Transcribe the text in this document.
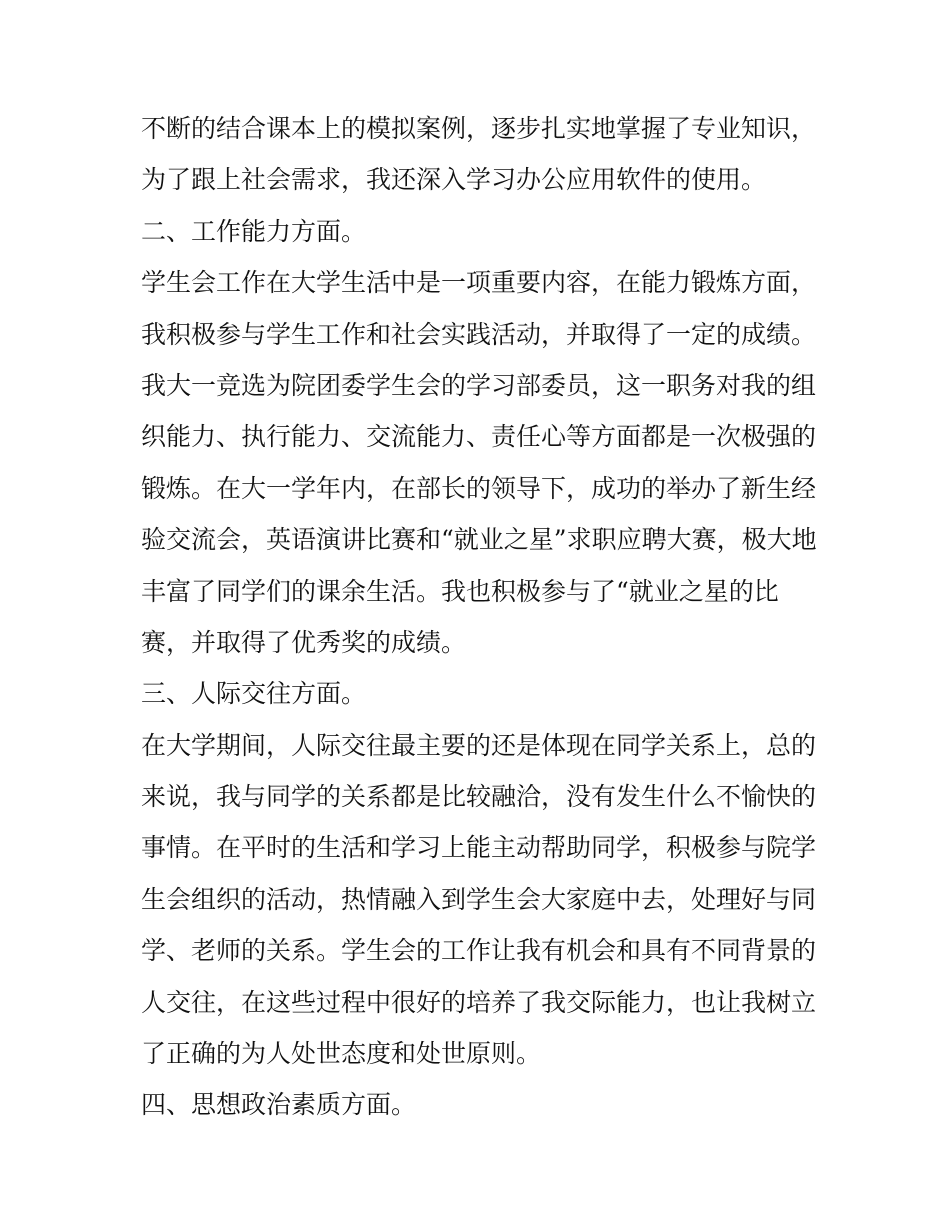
不断的结合课本上的模拟案例，逐步扎实地掌握了专业知识，
为了跟上社会需求，我还深入学习办公应用软件的使用。
二、工作能力方面。
学生会工作在大学生活中是一项重要内容，在能力锻炼方面，
我积极参与学生工作和社会实践活动，并取得了一定的成绩。
我大一竞选为院团委学生会的学习部委员，这一职务对我的组
织能力、执行能力、交流能力、责任心等方面都是一次极强的
锻炼。在大一学年内，在部长的领导下，成功的举办了新生经
验交流会，英语演讲比赛和“就业之星”求职应聘大赛，极大地
丰富了同学们的课余生活。我也积极参与了“就业之星的比
赛，并取得了优秀奖的成绩。
三、人际交往方面。
在大学期间，人际交往最主要的还是体现在同学关系上，总的
来说，我与同学的关系都是比较融洽，没有发生什么不愉快的
事情。在平时的生活和学习上能主动帮助同学，积极参与院学
生会组织的活动，热情融入到学生会大家庭中去，处理好与同
学、老师的关系。学生会的工作让我有机会和具有不同背景的
人交往，在这些过程中很好的培养了我交际能力，也让我树立
了正确的为人处世态度和处世原则。
四、思想政治素质方面。
